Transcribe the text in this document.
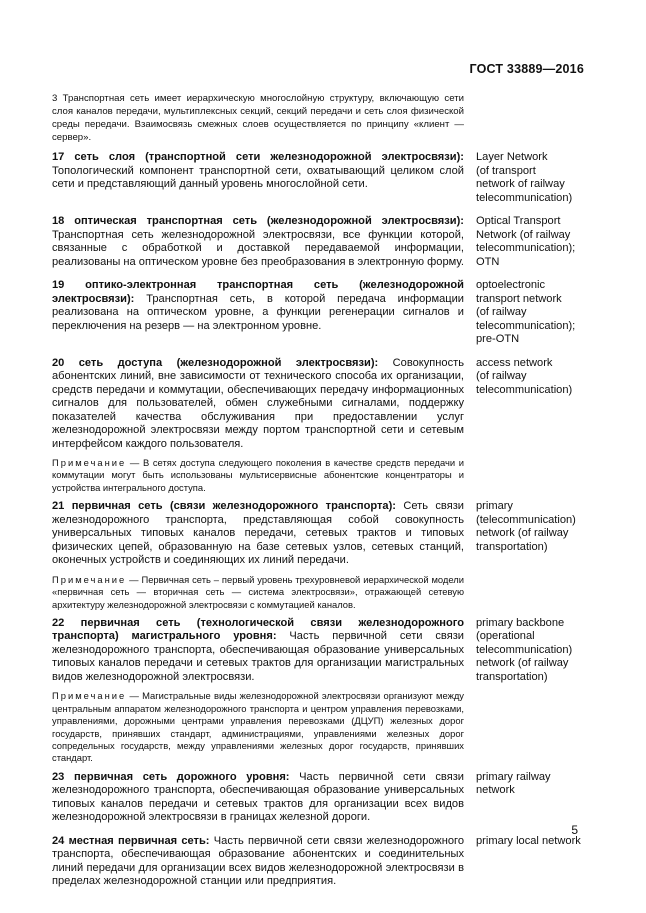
ГОСТ 33889—2016
3 Транспортная сеть имеет иерархическую многослойную структуру, включающую сети слоя каналов передачи, мультиплексных секций, секций передачи и сеть слоя физической среды передачи. Взаимосвязь смежных слоев осуществляется по принципу «клиент — сервер».
17 сеть слоя (транспортной сети железнодорожной электросвязи): Топологический компонент транспортной сети, охватывающий целиком слой сети и представляющий данный уровень многослойной сети.
Layer Network
(of transport
network of railway
telecommunication)
18 оптическая транспортная сеть (железнодорожной электросвязи): Транспортная сеть железнодорожной электросвязи, все функции которой, связанные с обработкой и доставкой передаваемой информации, реализованы на оптическом уровне без преобразования в электронную форму.
Optical Transport
Network (of railway
telecommunication);
OTN
19 оптико-электронная транспортная сеть (железнодорожной электросвязи): Транспортная сеть, в которой передача информации реализована на оптическом уровне, а функции регенерации сигналов и переключения на резерв — на электронном уровне.
optoelectronic
transport network
(of railway
telecommunication);
pre-OTN
20 сеть доступа (железнодорожной электросвязи): Совокупность абонентских линий, вне зависимости от технического способа их организации, средств передачи и коммутации, обеспечивающих передачу информационных сигналов для пользователей, обмен служебными сигналами, поддержку показателей качества обслуживания при предоставлении услуг железнодорожной электросвязи между портом транспортной сети и сетевым интерфейсом каждого пользователя.
access network
(of railway
telecommunication)
Примечание — В сетях доступа следующего поколения в качестве средств передачи и коммутации могут быть использованы мультисервисные абонентские концентраторы и устройства интегрального доступа.
21 первичная сеть (связи железнодорожного транспорта): Сеть связи железнодорожного транспорта, представляющая собой совокупность универсальных типовых каналов передачи, сетевых трактов и типовых физических цепей, образованную на базе сетевых узлов, сетевых станций, оконечных устройств и соединяющих их линий передачи.
primary
(telecommunication)
network (of railway
transportation)
Примечание — Первичная сеть – первый уровень трехуровневой иерархической модели «первичная сеть — вторичная сеть — система электросвязи», отражающей сетевую архитектуру железнодорожной электросвязи с коммутацией каналов.
22 первичная сеть (технологической связи железнодорожного транспорта) магистрального уровня: Часть первичной сети связи железнодорожного транспорта, обеспечивающая образование универсальных типовых каналов передачи и сетевых трактов для организации магистральных видов железнодорожной электросвязи.
primary backbone
(operational
telecommunication)
network (of railway
transportation)
Примечание — Магистральные виды железнодорожной электросвязи организуют между центральным аппаратом железнодорожного транспорта и центром управления перевозками, управлениями, дорожными центрами управления перевозками (ДЦУП) железных дорог государств, принявших стандарт, администрациями, управлениями железных дорог сопредельных государств, между управлениями железных дорог государств, принявших стандарт.
23 первичная сеть дорожного уровня: Часть первичной сети связи железнодорожного транспорта, обеспечивающая образование универсальных типовых каналов передачи и сетевых трактов для организации всех видов железнодорожной электросвязи в границах железной дороги.
primary railway
network
24 местная первичная сеть: Часть первичной сети связи железнодорожного транспорта, обеспечивающая образование абонентских и соединительных линий передачи для организации всех видов железнодорожной электросвязи в пределах железнодорожной станции или предприятия.
primary local network
5
